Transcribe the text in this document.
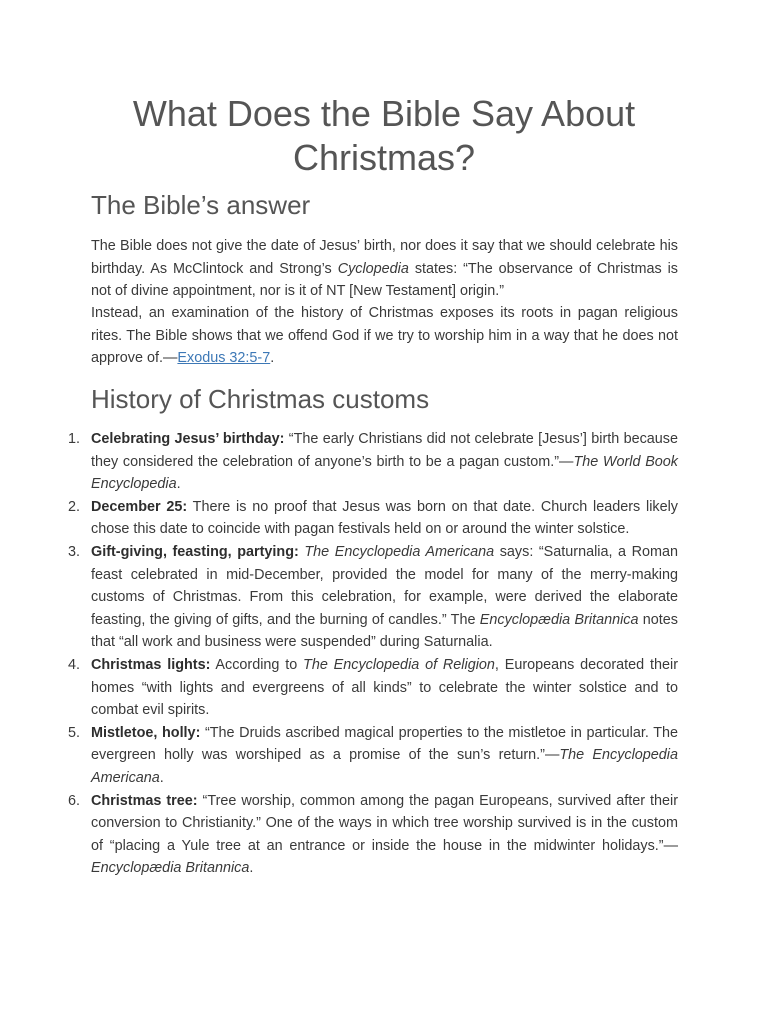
What Does the Bible Say About Christmas?
The Bible’s answer

The Bible does not give the date of Jesus’ birth, nor does it say that we should celebrate his birthday. As McClintock and Strong’s Cyclopedia states: “The observance of Christmas is not of divine appointment, nor is it of NT [New Testament] origin.”

Instead, an examination of the history of Christmas exposes its roots in pagan religious rites. The Bible shows that we offend God if we try to worship him in a way that he does not approve of.—Exodus 32:5-7.

History of Christmas customs
1. Celebrating Jesus’ birthday: “The early Christians did not celebrate [Jesus’] birth because they considered the celebration of anyone’s birth to be a pagan custom.”—The World Book Encyclopedia.
2. December 25: There is no proof that Jesus was born on that date. Church leaders likely chose this date to coincide with pagan festivals held on or around the winter solstice.
3. Gift-giving, feasting, partying: The Encyclopedia Americana says: “Saturnalia, a Roman feast celebrated in mid-December, provided the model for many of the merry-making customs of Christmas. From this celebration, for example, were derived the elaborate feasting, the giving of gifts, and the burning of candles.” The Encyclopædia Britannica notes that “all work and business were suspended” during Saturnalia.
4. Christmas lights: According to The Encyclopedia of Religion, Europeans decorated their homes “with lights and evergreens of all kinds” to celebrate the winter solstice and to combat evil spirits.
5. Mistletoe, holly: “The Druids ascribed magical properties to the mistletoe in particular. The evergreen holly was worshiped as a promise of the sun’s return.”—The Encyclopedia Americana.
6. Christmas tree: “Tree worship, common among the pagan Europeans, survived after their conversion to Christianity.” One of the ways in which tree worship survived is in the custom of “placing a Yule tree at an entrance or inside the house in the midwinter holidays.”—Encyclopædia Britannica.
